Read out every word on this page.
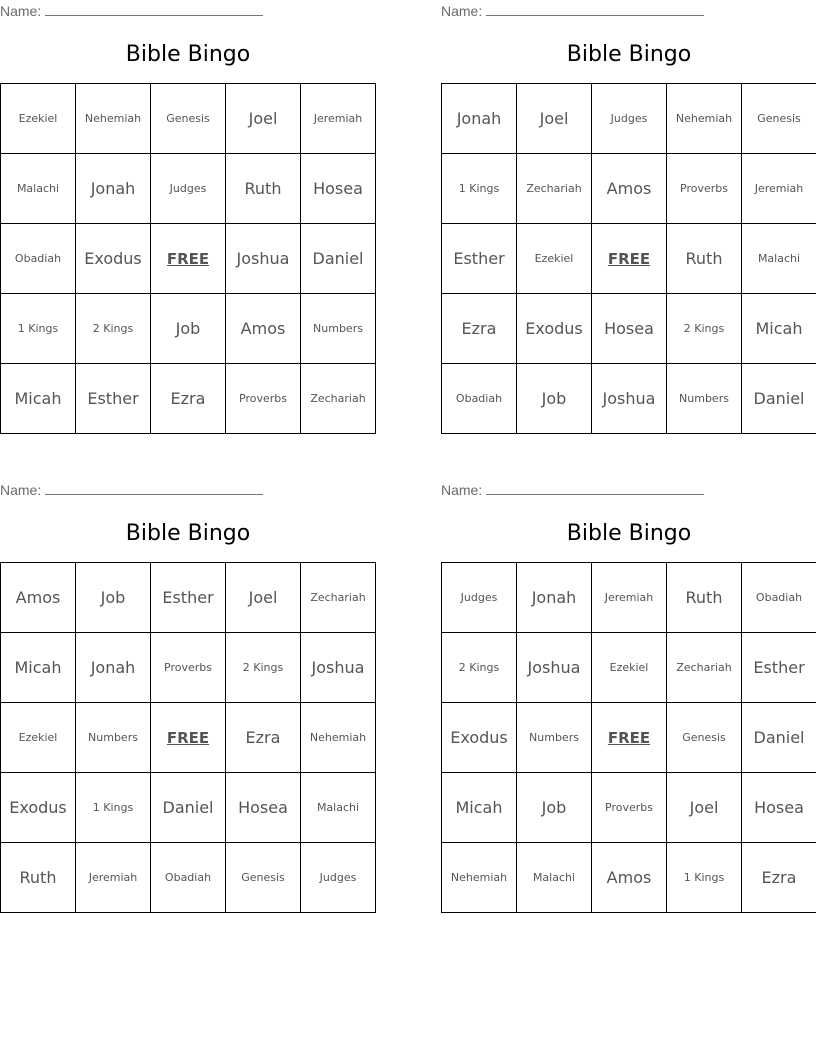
Name:
Bible Bingo
Ezekiel	Nehemiah	Genesis	Joel	Jeremiah
Malachi	Jonah	Judges	Ruth	Hosea
Obadiah	Exodus	FREE	Joshua	Daniel
1 Kings	2 Kings	Job	Amos	Numbers
Micah	Esther	Ezra	Proverbs	Zechariah
Name:
Bible Bingo
Jonah	Joel	Judges	Nehemiah	Genesis
1 Kings	Zechariah	Amos	Proverbs	Jeremiah
Esther	Ezekiel	FREE	Ruth	Malachi
Ezra	Exodus	Hosea	2 Kings	Micah
Obadiah	Job	Joshua	Numbers	Daniel
Name:
Bible Bingo
Amos	Job	Esther	Joel	Zechariah
Micah	Jonah	Proverbs	2 Kings	Joshua
Ezekiel	Numbers	FREE	Ezra	Nehemiah
Exodus	1 Kings	Daniel	Hosea	Malachi
Ruth	Jeremiah	Obadiah	Genesis	Judges
Name:
Bible Bingo
Judges	Jonah	Jeremiah	Ruth	Obadiah
2 Kings	Joshua	Ezekiel	Zechariah	Esther
Exodus	Numbers	FREE	Genesis	Daniel
Micah	Job	Proverbs	Joel	Hosea
Nehemiah	Malachi	Amos	1 Kings	Ezra
